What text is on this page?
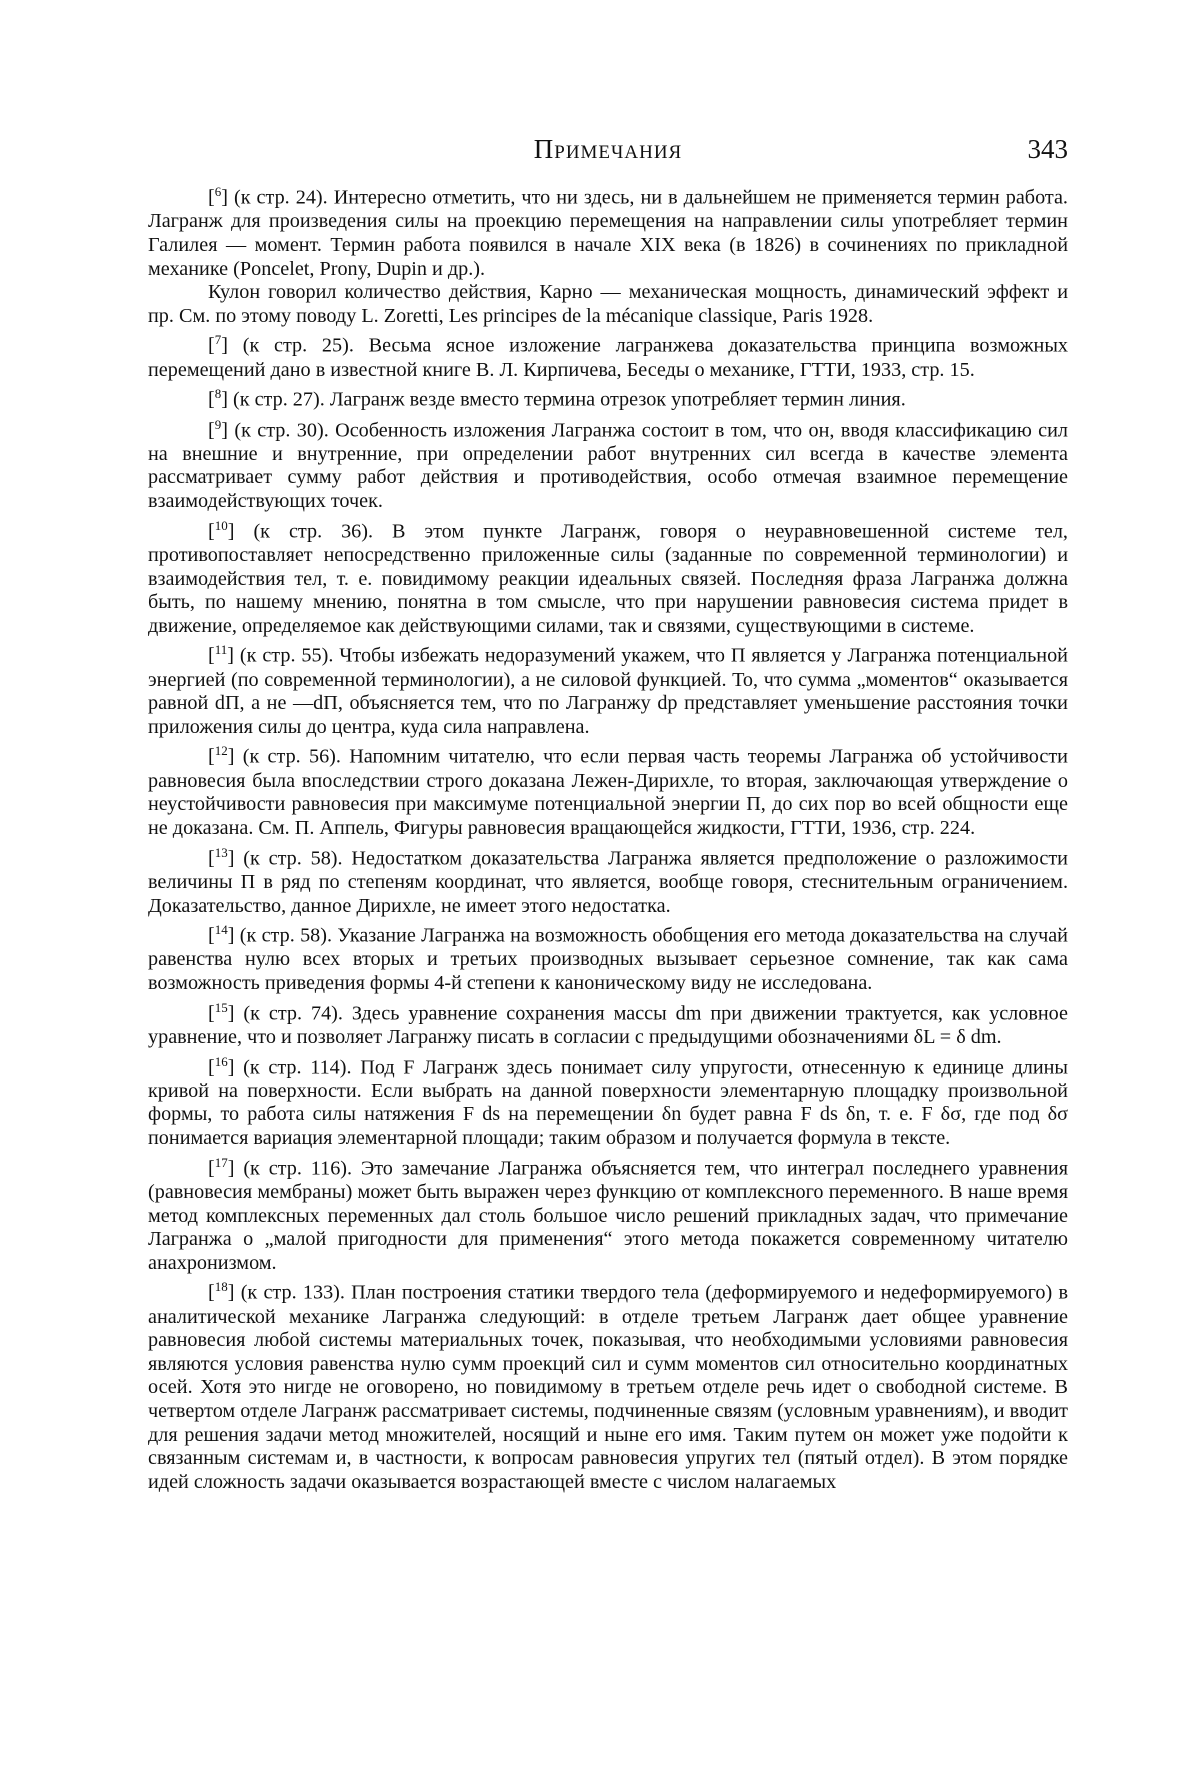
Примечания	343
[$^6$] (к стр. 24). Интересно отметить, что ни здесь, ни в дальнейшем не применяется термин работа. Лагранж для произведения силы на проекцию перемещения на направлении силы употребляет термин Галилея — момент. Термин работа появился в начале XIX века (в 1826) в сочинениях по прикладной механике (Poncelet, Prony, Dupin и др.).
Кулон говорил количество действия, Карно — механическая мощность, динамический эффект и пр. См. по этому поводу L. Zoretti, Les principes de la mécanique classique, Paris 1928.
[$^7$] (к стр. 25). Весьма ясное изложение лагранжева доказательства принципа возможных перемещений дано в известной книге В. Л. Кирпичева, Беседы о механике, ГТТИ, 1933, стр. 15.
[$^8$] (к стр. 27). Лагранж везде вместо термина отрезок употребляет термин линия.
[$^9$] (к стр. 30). Особенность изложения Лагранжа состоит в том, что он, вводя классификацию сил на внешние и внутренние, при определении работ внутренних сил всегда в качестве элемента рассматривает сумму работ действия и противодействия, особо отмечая взаимное перемещение взаимодействующих точек.
[$^{10}$] (к стр. 36). В этом пункте Лагранж, говоря о неуравновешенной системе тел, противопоставляет непосредственно приложенные силы (заданные по современной терминологии) и взаимодействия тел, т. е. повидимому реакции идеальных связей. Последняя фраза Лагранжа должна быть, по нашему мнению, понятна в том смысле, что при нарушении равновесия система придет в движение, определяемое как действующими силами, так и связями, существующими в системе.
[$^{11}$] (к стр. 55). Чтобы избежать недоразумений укажем, что П является у Лагранжа потенциальной энергией (по современной терминологии), а не силовой функцией. То, что сумма „моментов“ оказывается равной dП, а не —dП, объясняется тем, что по Лагранжу dp представляет уменьшение расстояния точки приложения силы до центра, куда сила направлена.
[$^{12}$] (к стр. 56). Напомним читателю, что если первая часть теоремы Лагранжа об устойчивости равновесия была впоследствии строго доказана Лежен-Дирихле, то вторая, заключающая утверждение о неустойчивости равновесия при максимуме потенциальной энергии П, до сих пор во всей общности еще не доказана. См. П. Аппель, Фигуры равновесия вращающейся жидкости, ГТТИ, 1936, стр. 224.
[$^{13}$] (к стр. 58). Недостатком доказательства Лагранжа является предположение о разложимости величины П в ряд по степеням координат, что является, вообще говоря, стеснительным ограничением. Доказательство, данное Дирихле, не имеет этого недостатка.
[$^{14}$] (к стр. 58). Указание Лагранжа на возможность обобщения его метода доказательства на случай равенства нулю всех вторых и третьих производных вызывает серьезное сомнение, так как сама возможность приведения формы 4-й степени к каноническому виду не исследована.
[$^{15}$] (к стр. 74). Здесь уравнение сохранения массы dm при движении трактуется, как условное уравнение, что и позволяет Лагранжу писать в согласии с предыдущими обозначениями δL = δ dm.
[$^{16}$] (к стр. 114). Под F Лагранж здесь понимает силу упругости, отнесенную к единице длины кривой на поверхности. Если выбрать на данной поверхности элементарную площадку произвольной формы, то работа силы натяжения F ds на перемещении δn будет равна F ds δn, т. е. F δσ, где под δσ понимается вариация элементарной площади; таким образом и получается формула в тексте.
[$^{17}$] (к стр. 116). Это замечание Лагранжа объясняется тем, что интеграл последнего уравнения (равновесия мембраны) может быть выражен через функцию от комплексного переменного. В наше время метод комплексных переменных дал столь большое число решений прикладных задач, что примечание Лагранжа о „малой пригодности для применения“ этого метода покажется современному читателю анахронизмом.
[$^{18}$] (к стр. 133). План построения статики твердого тела (деформируемого и недеформируемого) в аналитической механике Лагранжа следующий: в отделе третьем Лагранж дает общее уравнение равновесия любой системы материальных точек, показывая, что необходимыми условиями равновесия являются условия равенства нулю сумм проекций сил и сумм моментов сил относительно координатных осей. Хотя это нигде не оговорено, но повидимому в третьем отделе речь идет о свободной системе. В четвертом отделе Лагранж рассматривает системы, подчиненные связям (условным уравнениям), и вводит для решения задачи метод множителей, носящий и ныне его имя. Таким путем он может уже подойти к связанным системам и, в частности, к вопросам равновесия упругих тел (пятый отдел). В этом порядке идей сложность задачи оказывается возрастающей вместе с числом налагаемых
